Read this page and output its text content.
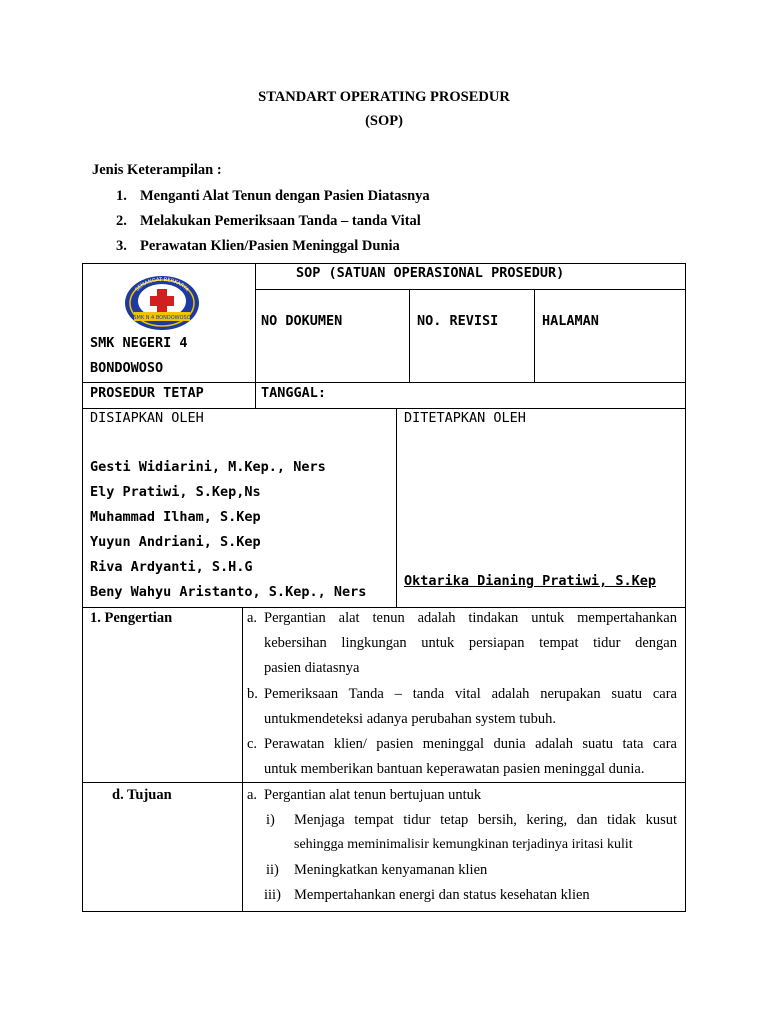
STANDART OPERATING PROSEDUR
(SOP)
Jenis Keterampilan :
1. Menganti Alat Tenun dengan Pasien Diatasnya
2. Melakukan Pemeriksaan Tanda – tanda Vital
3. Perawatan Klien/Pasien Meninggal Dunia
SMK N 4 BONDOWOSO
SEMANGAT BERKARYA
SMK NEGERI 4
BONDOWOSO
SOP (SATUAN OPERASIONAL PROSEDUR)
NO DOKUMEN	NO. REVISI	HALAMAN
PROSEDUR TETAP	TANGGAL:
DISIAPKAN OLEH	DITETAPKAN OLEH
Gesti Widiarini, M.Kep., Ners
Ely Pratiwi, S.Kep,Ns
Muhammad Ilham, S.Kep
Yuyun Andriani, S.Kep
Riva Ardyanti, S.H.G
Beny Wahyu Aristanto, S.Kep., Ners
Oktarika Dianing Pratiwi, S.Kep
1. Pengertian	a. Pergantian alat tenun adalah tindakan untuk mempertahankan
kebersihan lingkungan untuk persiapan tempat tidur dengan
pasien diatasnya
b. Pemeriksaan Tanda – tanda vital adalah nerupakan suatu cara
untukmendeteksi adanya perubahan system tubuh.
c. Perawatan klien/ pasien meninggal dunia adalah suatu tata cara
untuk memberikan bantuan keperawatan pasien meninggal dunia.
d. Tujuan	a. Pergantian alat tenun bertujuan untuk
i) Menjaga tempat tidur tetap bersih, kering, dan tidak kusut
sehingga meminimalisir kemungkinan terjadinya iritasi kulit
ii) Meningkatkan kenyamanan klien
iii) Mempertahankan energi dan status kesehatan klien
